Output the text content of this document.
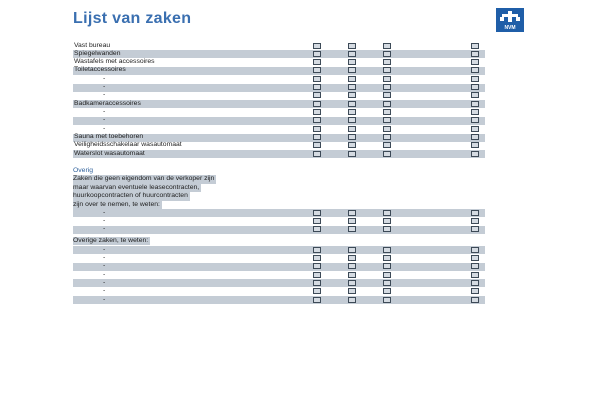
Lijst van zaken
NVM
Vast bureau
Spiegelwanden
Wastafels met accessoires
Toiletaccessoires
-
-
-
Badkameraccessoires
-
-
-
Sauna met toebehoren
Veiligheidsschakelaar wasautomaat
Waterslot wasautomaat
Overig
Zaken die geen eigendom van de verkoper zijn
maar waarvan eventuele leasecontracten,
huurkoopcontracten of huurcontracten
zijn over te nemen, te weten:
-
-
-
Overige zaken, te weten:
-
-
-
-
-
-
-
